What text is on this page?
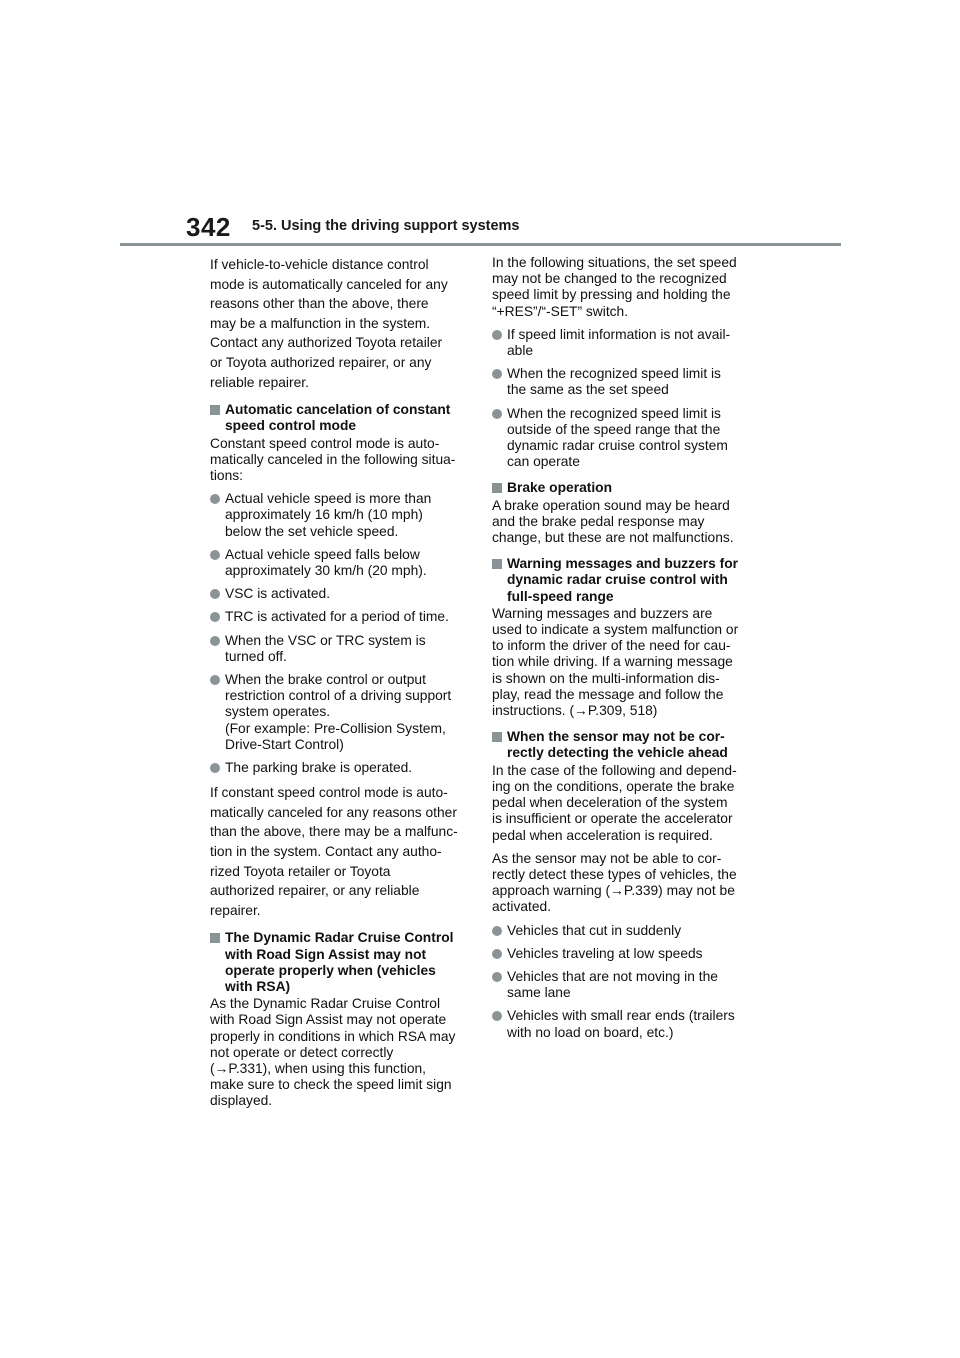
342 5-5. Using the driving support systems

If vehicle-to-vehicle distance control
mode is automatically canceled for any
reasons other than the above, there
may be a malfunction in the system.
Contact any authorized Toyota retailer
or Toyota authorized repairer, or any
reliable repairer.

Automatic cancelation of constant
speed control mode

Constant speed control mode is auto-
matically canceled in the following situa-
tions:

Actual vehicle speed is more than
approximately 16 km/h (10 mph)
below the set vehicle speed.
Actual vehicle speed falls below
approximately 30 km/h (20 mph).
VSC is activated.
TRC is activated for a period of time.
When the VSC or TRC system is
turned off.
When the brake control or output
restriction control of a driving support
system operates.
(For example: Pre-Collision System,
Drive-Start Control)
The parking brake is operated.

If constant speed control mode is auto-
matically canceled for any reasons other
than the above, there may be a malfunc-
tion in the system. Contact any autho-
rized Toyota retailer or Toyota
authorized repairer, or any reliable
repairer.

The Dynamic Radar Cruise Control
with Road Sign Assist may not
operate properly when (vehicles
with RSA)

As the Dynamic Radar Cruise Control
with Road Sign Assist may not operate
properly in conditions in which RSA may
not operate or detect correctly
(→P.331), when using this function,
make sure to check the speed limit sign
displayed.

In the following situations, the set speed
may not be changed to the recognized
speed limit by pressing and holding the
“+RES”/“-SET” switch.

If speed limit information is not avail-
able
When the recognized speed limit is
the same as the set speed
When the recognized speed limit is
outside of the speed range that the
dynamic radar cruise control system
can operate
Brake operation

A brake operation sound may be heard
and the brake pedal response may
change, but these are not malfunctions.

Warning messages and buzzers for
dynamic radar cruise control with
full-speed range

Warning messages and buzzers are
used to indicate a system malfunction or
to inform the driver of the need for cau-
tion while driving. If a warning message
is shown on the multi-information dis-
play, read the message and follow the
instructions. (→P.309, 518)

When the sensor may not be cor-
rectly detecting the vehicle ahead

In the case of the following and depend-
ing on the conditions, operate the brake
pedal when deceleration of the system
is insufficient or operate the accelerator
pedal when acceleration is required.

As the sensor may not be able to cor-
rectly detect these types of vehicles, the
approach warning (→P.339) may not be
activated.

Vehicles that cut in suddenly
Vehicles traveling at low speeds
Vehicles that are not moving in the
same lane
Vehicles with small rear ends (trailers
with no load on board, etc.)
